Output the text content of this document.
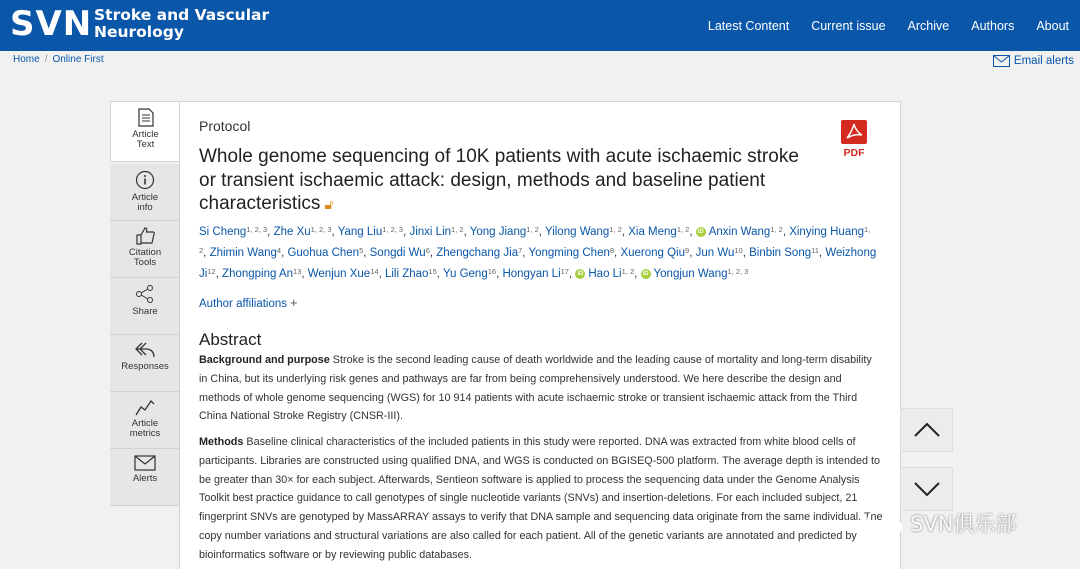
SVN Stroke and Vascular
Neurology	Latest Content	Current issue	Archive	Authors	About
Home / Online First	Email alerts
Article
Text
Article
info
Citation
Tools
Share
Responses
Article
metrics
Alerts
Protocol
PDF
Whole genome sequencing of 10K patients with acute ischaemic stroke or transient ischaemic attack: design, methods and baseline patient characteristics 🔓︎
Si Cheng$^{1, 2, 3}$, Zhe Xu$^{1, 2, 3}$, Yang Liu$^{1, 2, 3}$, Jinxi Lin$^{1, 2}$, Yong Jiang$^{1, 2}$, Yilong Wang$^{1, 2}$, Xia Meng$^{1, 2}$, iD Anxin Wang$^{1, 2}$, Xinying Huang$^{1, 2}$, Zhimin Wang$^4$, Guohua Chen$^5$, Songdi Wu$^6$, Zhengchang Jia$^7$, Yongming Chen$^8$, Xuerong Qiu$^9$, Jun Wu$^{10}$, Binbin Song$^{11}$, Weizhong Ji$^{12}$, Zhongping An$^{13}$, Wenjun Xue$^{14}$, Lili Zhao$^{15}$, Yu Geng$^{16}$, Hongyan Li$^{17}$, iD Hao Li$^{1, 2}$, iD Yongjun Wang$^{1, 2, 3}$
Author affiliations +
Abstract

Background and purpose Stroke is the second leading cause of death worldwide and the leading cause of mortality and long-term disability in China, but its underlying risk genes and pathways are far from being comprehensively understood. We here describe the design and methods of whole genome sequencing (WGS) for 10 914 patients with acute ischaemic stroke or transient ischaemic attack from the Third China National Stroke Registry (CNSR-III).

Methods Baseline clinical characteristics of the included patients in this study were reported. DNA was extracted from white blood cells of participants. Libraries are constructed using qualified DNA, and WGS is conducted on BGISEQ-500 platform. The average depth is intended to be greater than 30× for each subject. Afterwards, Sentieon software is applied to process the sequencing data under the Genome Analysis Toolkit best practice guidance to call genotypes of single nucleotide variants (SNVs) and insertion-deletions. For each included subject, 21 fingerprint SNVs are genotyped by MassARRAY assays to verify that DNA sample and sequencing data originate from the same individual. The copy number variations and structural variations are also called for each patient. All of the genetic variants are annotated and predicted by bioinformatics software or by reviewing public databases.

SVN俱乐部
